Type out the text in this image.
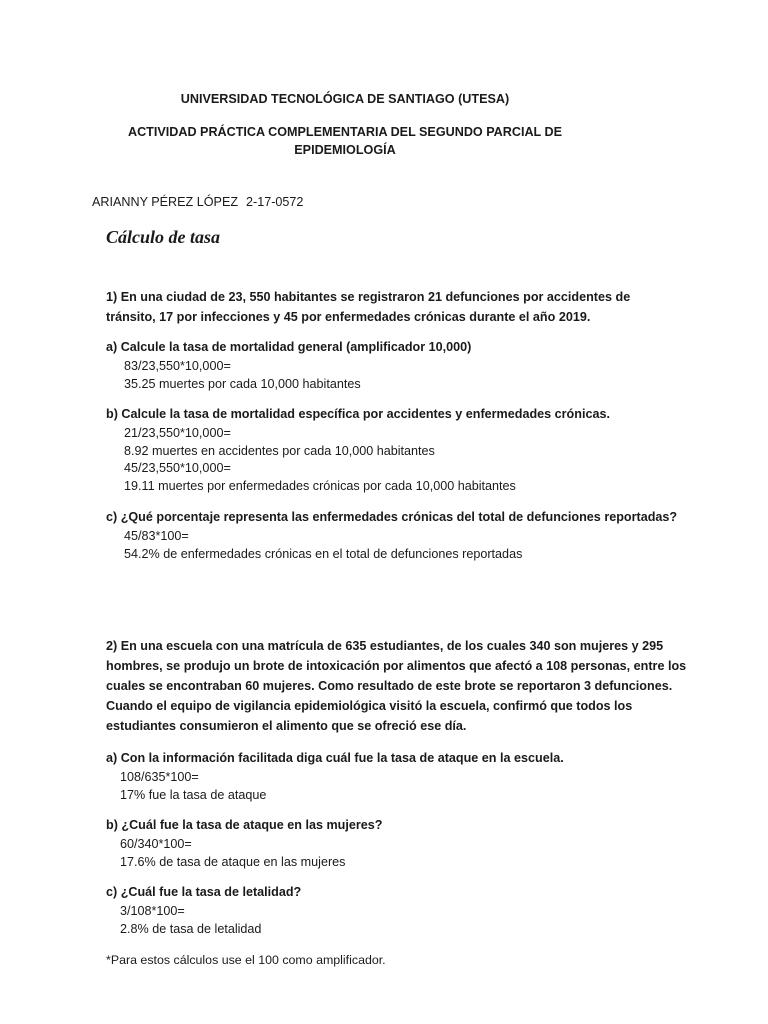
UNIVERSIDAD TECNOLÓGICA DE SANTIAGO (UTESA)
ACTIVIDAD PRÁCTICA COMPLEMENTARIA DEL SEGUNDO PARCIAL DE
EPIDEMIOLOGÍA
ARIANNY PÉREZ LÓPEZ 2-17-0572
Cálculo de tasa
1) En una ciudad de 23, 550 habitantes se registraron 21 defunciones por accidentes de
tránsito, 17 por infecciones y 45 por enfermedades crónicas durante el año 2019.
a) Calcule la tasa de mortalidad general (amplificador 10,000)
83/23,550*10,000=
35.25 muertes por cada 10,000 habitantes
b) Calcule la tasa de mortalidad específica por accidentes y enfermedades crónicas.
21/23,550*10,000=
8.92 muertes en accidentes por cada 10,000 habitantes
45/23,550*10,000=
19.11 muertes por enfermedades crónicas por cada 10,000 habitantes
c) ¿Qué porcentaje representa las enfermedades crónicas del total de defunciones reportadas?
45/83*100=
54.2% de enfermedades crónicas en el total de defunciones reportadas
2) En una escuela con una matrícula de 635 estudiantes, de los cuales 340 son mujeres y 295
hombres, se produjo un brote de intoxicación por alimentos que afectó a 108 personas, entre los
cuales se encontraban 60 mujeres. Como resultado de este brote se reportaron 3 defunciones.
Cuando el equipo de vigilancia epidemiológica visitó la escuela, confirmó que todos los
estudiantes consumieron el alimento que se ofreció ese día.
a) Con la información facilitada diga cuál fue la tasa de ataque en la escuela.
108/635*100=
17% fue la tasa de ataque
b) ¿Cuál fue la tasa de ataque en las mujeres?
60/340*100=
17.6% de tasa de ataque en las mujeres
c) ¿Cuál fue la tasa de letalidad?
3/108*100=
2.8% de tasa de letalidad
*Para estos cálculos use el 100 como amplificador.
